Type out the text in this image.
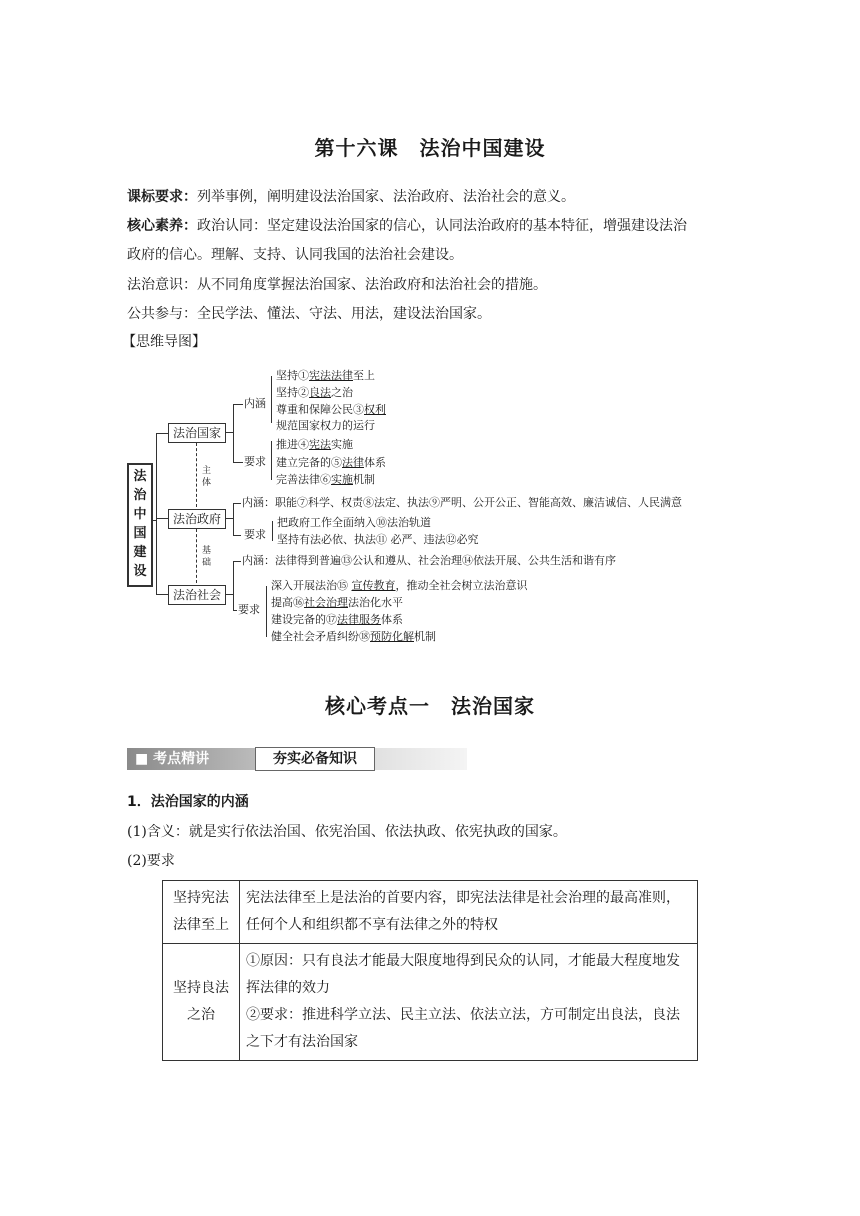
第十六课　法治中国建设
课标要求：列举事例，阐明建设法治国家、法治政府、法治社会的意义。
核心素养：政治认同：坚定建设法治国家的信心，认同法治政府的基本特征，增强建设法治
政府的信心。理解、支持、认同我国的法治社会建设。
法治意识：从不同角度掌握法治国家、法治政府和法治社会的措施。
公共参与：全民学法、懂法、守法、用法，建设法治国家。
【思维导图】
法
治
中
国
建
设
法治国家
法治政府
法治社会
主
体
基
础
内涵
要求
坚持①宪法法律至上
坚持②良法之治
尊重和保障公民③权利
规范国家权力的运行
推进④宪法实施
建立完备的⑤法律体系
完善法律⑥实施机制
内涵：职能⑦科学、权责⑧法定、执法⑨严明、公开公正、智能高效、廉洁诚信、人民满意
要求
把政府工作全面纳入⑩法治轨道
坚持有法必依、执法⑪ 必严、违法⑫必究
内涵：法律得到普遍⑬公认和遵从、社会治理⑭依法开展、公共生活和谐有序
要求
深入开展法治⑮ 宣传教育，推动全社会树立法治意识
提高⑯社会治理法治化水平
建设完备的⑰法律服务体系
健全社会矛盾纠纷⑱预防化解机制
核心考点一　法治国家
■ 考点精讲	夯实必备知识
1．法治国家的内涵
(1)含义：就是实行依法治国、依宪治国、依法执政、依宪执政的国家。
(2)要求
坚持宪法法律至上	宪法法律至上是法治的首要内容，即宪法法律是社会治理的最高准则，任何个人和组织都不享有法律之外的特权
坚持良法之治	①原因：只有良法才能最大限度地得到民众的认同，才能最大程度地发挥法律的效力
②要求：推进科学立法、民主立法、依法立法，方可制定出良法，良法之下才有法治国家
